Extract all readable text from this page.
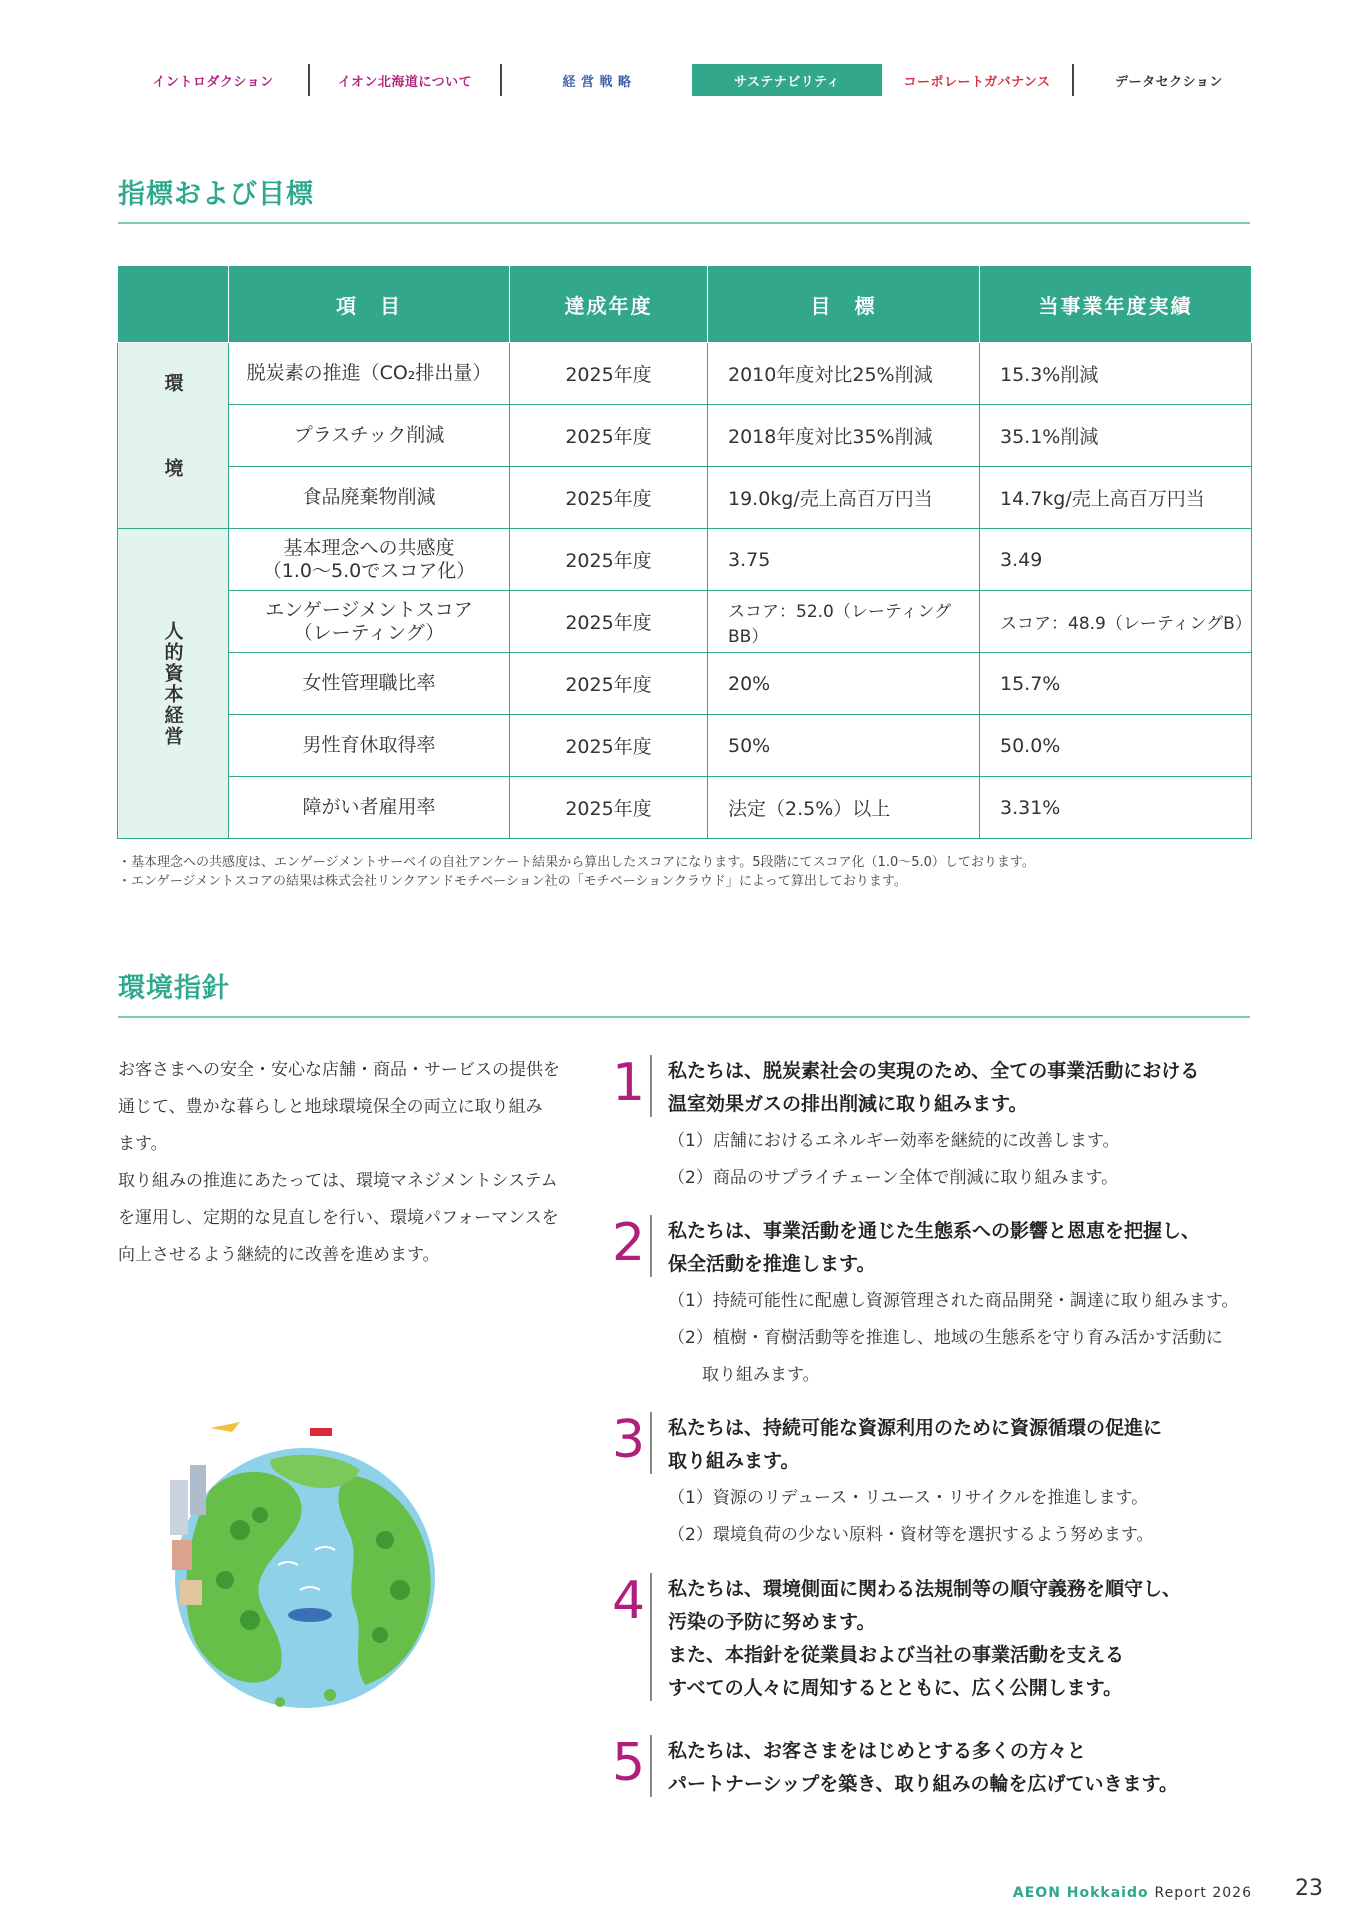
イントロダクション	イオン北海道について	経 営 戦 略	サステナビリティ	コーポレートガバナンス	データセクション
指標および目標
	項　目	達成年度	目　標	当事業年度実績

環 境	脱炭素の推進（CO₂排出量）	2025年度	2010年度対比25%削減	15.3%削減
	プラスチック削減	2025年度	2018年度対比35%削減	35.1%削減
	食品廃棄物削減	2025年度	19.0kg/売上高百万円当	14.7kg/売上高百万円当

人的資本経営	基本理念への共感度
（1.0～5.0でスコア化）	2025年度	3.75	3.49
	エンゲージメントスコア
（レーティング）	2025年度	スコア：52.0（レーティングBB）	スコア：48.9（レーティングB）
	女性管理職比率	2025年度	20%	15.7%
	男性育休取得率	2025年度	50%	50.0%
	障がい者雇用率	2025年度	法定（2.5%）以上	3.31%
・基本理念への共感度は、エンゲージメントサーベイの自社アンケート結果から算出したスコアになります。5段階にてスコア化（1.0～5.0）しております。
・エンゲージメントスコアの結果は株式会社リンクアンドモチベーション社の「モチベーションクラウド」によって算出しております。
環境指針
お客さまへの安全・安心な店舗・商品・サービスの提供を
通じて、豊かな暮らしと地球環境保全の両立に取り組み
ます。
取り組みの推進にあたっては、環境マネジメントシステム
を運用し、定期的な見直しを行い、環境パフォーマンスを
向上させるよう継続的に改善を進めます。
1 私たちは、脱炭素社会の実現のため、全ての事業活動における
温室効果ガスの排出削減に取り組みます。
（1）店舗におけるエネルギー効率を継続的に改善します。
（2）商品のサプライチェーン全体で削減に取り組みます。
2 私たちは、事業活動を通じた生態系への影響と恩恵を把握し、
保全活動を推進します。
（1）持続可能性に配慮し資源管理された商品開発・調達に取り組みます。
（2）植樹・育樹活動等を推進し、地域の生態系を守り育み活かす活動に
　　取り組みます。
3 私たちは、持続可能な資源利用のために資源循環の促進に
取り組みます。
（1）資源のリデュース・リユース・リサイクルを推進します。
（2）環境負荷の少ない原料・資材等を選択するよう努めます。
4 私たちは、環境側面に関わる法規制等の順守義務を順守し、
汚染の予防に努めます。
また、本指針を従業員および当社の事業活動を支える
すべての人々に周知するとともに、広く公開します。
5 私たちは、お客さまをはじめとする多くの方々と
パートナーシップを築き、取り組みの輪を広げていきます。
AEON Hokkaido Report 2026 23
